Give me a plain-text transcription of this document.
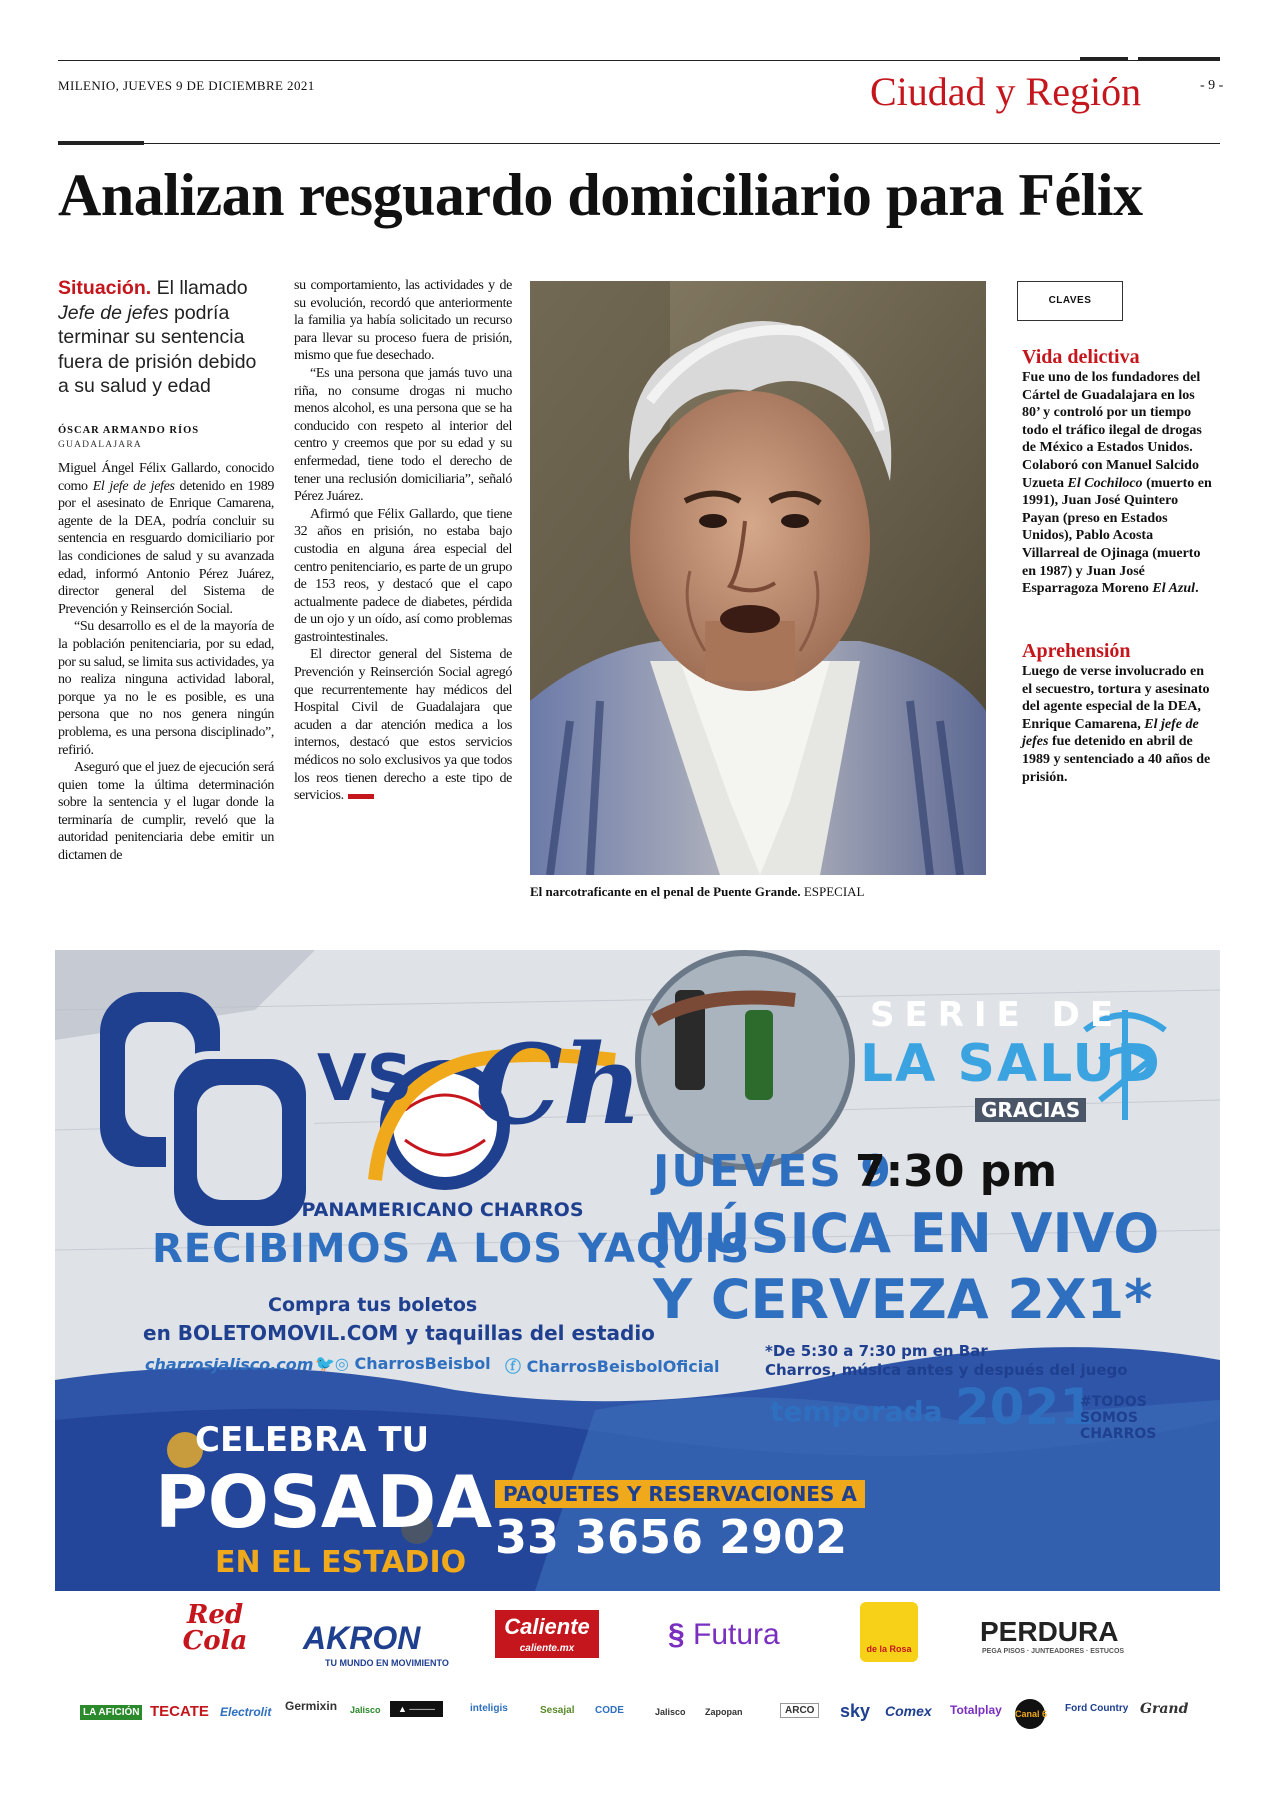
MILENIO, JUEVES 9 DE DICIEMBRE 2021	Ciudad y Región	- 9 -
Analizan resguardo domiciliario para Félix
Situación. El llamado Jefe de jefes podría terminar su sentencia fuera de prisión debido a su salud y edad
ÓSCAR ARMANDO RÍOS
GUADALAJARA

Miguel Ángel Félix Gallardo, conocido como El jefe de jefes detenido en 1989 por el asesinato de Enrique Camarena, agente de la DEA, podría concluir su sentencia en resguardo domiciliario por las condiciones de salud y su avanzada edad, informó Antonio Pérez Juárez, director general del Sistema de Prevención y Reinserción Social.

“Su desarrollo es el de la mayoría de la población penitenciaria, por su edad, por su salud, se limita sus actividades, ya no realiza ninguna actividad laboral, porque ya no le es posible, es una persona que no nos genera ningún problema, es una persona disciplinado”, refirió.

Aseguró que el juez de ejecución será quien tome la última determinación sobre la sentencia y el lugar donde la terminaría de cumplir, reveló que la autoridad penitenciaria debe emitir un dictamen de

su comportamiento, las actividades y de su evolución, recordó que anteriormente la familia ya había solicitado un recurso para llevar su proceso fuera de prisión, mismo que fue desechado.

“Es una persona que jamás tuvo una riña, no consume drogas ni mucho menos alcohol, es una persona que se ha conducido con respeto al interior del centro y creemos que por su edad y su enfermedad, tiene todo el derecho de tener una reclusión domiciliaria”, señaló Pérez Juárez.

Afirmó que Félix Gallardo, que tiene 32 años en prisión, no estaba bajo custodia en alguna área especial del centro penitenciario, es parte de un grupo de 153 reos, y destacó que el capo actualmente padece de diabetes, pérdida de un ojo y un oído, así como problemas gastrointestinales.

El director general del Sistema de Prevención y Reinserción Social agregó que recurrentemente hay médicos del Hospital Civil de Guadalajara que acuden a dar atención medica a los internos, destacó que estos servicios médicos no solo exclusivos ya que todos los reos tienen derecho a este tipo de servicios.

El narcotraficante en el penal de Puente Grande. ESPECIAL
CLAVES
Vida delictiva
Fue uno de los fundadores del Cártel de Guadalajara en los 80’ y controló por un tiempo todo el tráfico ilegal de drogas de México a Estados Unidos. Colaboró con Manuel Salcido Uzueta El Cochiloco (muerto en 1991), Juan José Quintero Payan (preso en Estados Unidos), Pablo Acosta Villarreal de Ojinaga (muerto en 1987) y Juan José Esparragoza Moreno El Azul.
Aprehensión
Luego de verse involucrado en el secuestro, tortura y asesinato del agente especial de la DEA, Enrique Camarena, El jefe de jefes fue detenido en abril de 1989 y sentenciado a 40 años de prisión.
VS Ch
SERIE DE
LA SALUD
GRACIAS
ESTADIO PANAMERICANO CHARROS
RECIBIMOS A LOS YAQUIS
Compra tus boletos
en BOLETOMOVIL.COM y taquillas del estadio
charrosjalisco.com 🐦◎ CharrosBeisbol ⓕ CharrosBeisbolOficial
JUEVES 9
7:30 pm
MÚSICA EN VIVO
Y CERVEZA 2X1*
*De 5:30 a 7:30 pm en Bar
Charros, música antes y después del juego
temporada 2021
#TODOS SOMOS CHARROS
CELEBRA TU
POSADA
EN EL ESTADIO
PAQUETES Y RESERVACIONES A
33 3656 2902
Red Cola	AKRON
TU MUNDO EN MOVIMIENTO
Caliente
caliente.mx	§ Futura	de la Rosa
PERDURA
PEGA PISOS · JUNTEADORES · ESTUCOS
LA AFICIÓN TECATE Electrolit Germixin Jalisco	▲ ────	inteligis	Sesajal CODE	Jalisco Zapopan	ARCO sky Comex Totalplay Canal 6 Ford Country Grand
